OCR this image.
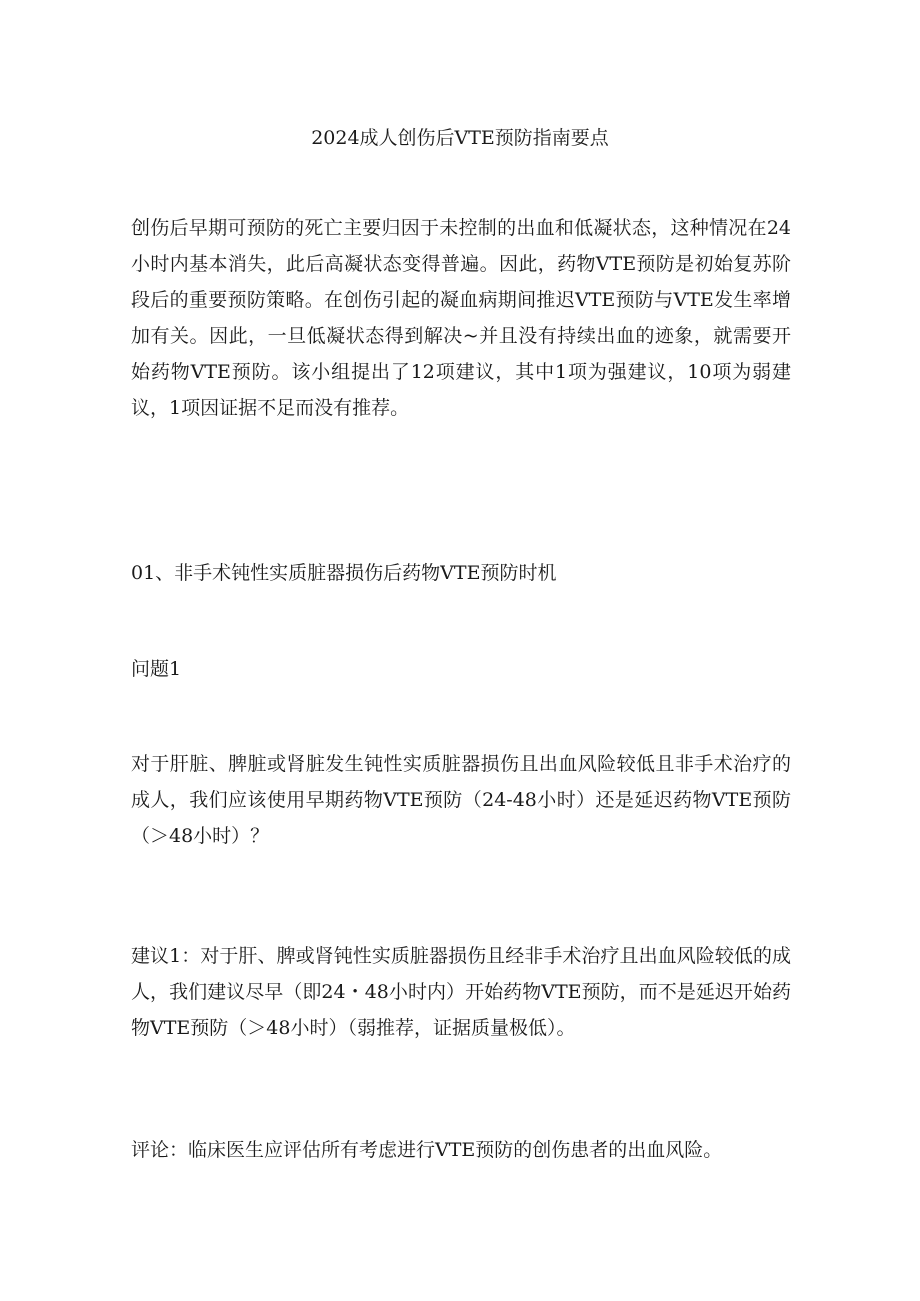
2024成人创伤后VTE预防指南要点
创伤后早期可预防的死亡主要归因于未控制的出血和低凝状态，这种情况在24小时内基本消失，此后高凝状态变得普遍。因此，药物VTE预防是初始复苏阶段后的重要预防策略。在创伤引起的凝血病期间推迟VTE预防与VTE发生率增加有关。因此，一旦低凝状态得到解决~并且没有持续出血的迹象，就需要开始药物VTE预防。该小组提出了12项建议，其中1项为强建议，10项为弱建议，1项因证据不足而没有推荐。
01、非手术钝性实质脏器损伤后药物VTE预防时机
问题1
对于肝脏、脾脏或肾脏发生钝性实质脏器损伤且出血风险较低且非手术治疗的成人，我们应该使用早期药物VTE预防（24-48小时）还是延迟药物VTE预防（＞48小时）？
建议1：对于肝、脾或肾钝性实质脏器损伤且经非手术治疗且出血风险较低的成人，我们建议尽早（即24・48小时内）开始药物VTE预防，而不是延迟开始药物VTE预防（＞48小时）（弱推荐，证据质量极低）。
评论：临床医生应评估所有考虑进行VTE预防的创伤患者的出血风险。
